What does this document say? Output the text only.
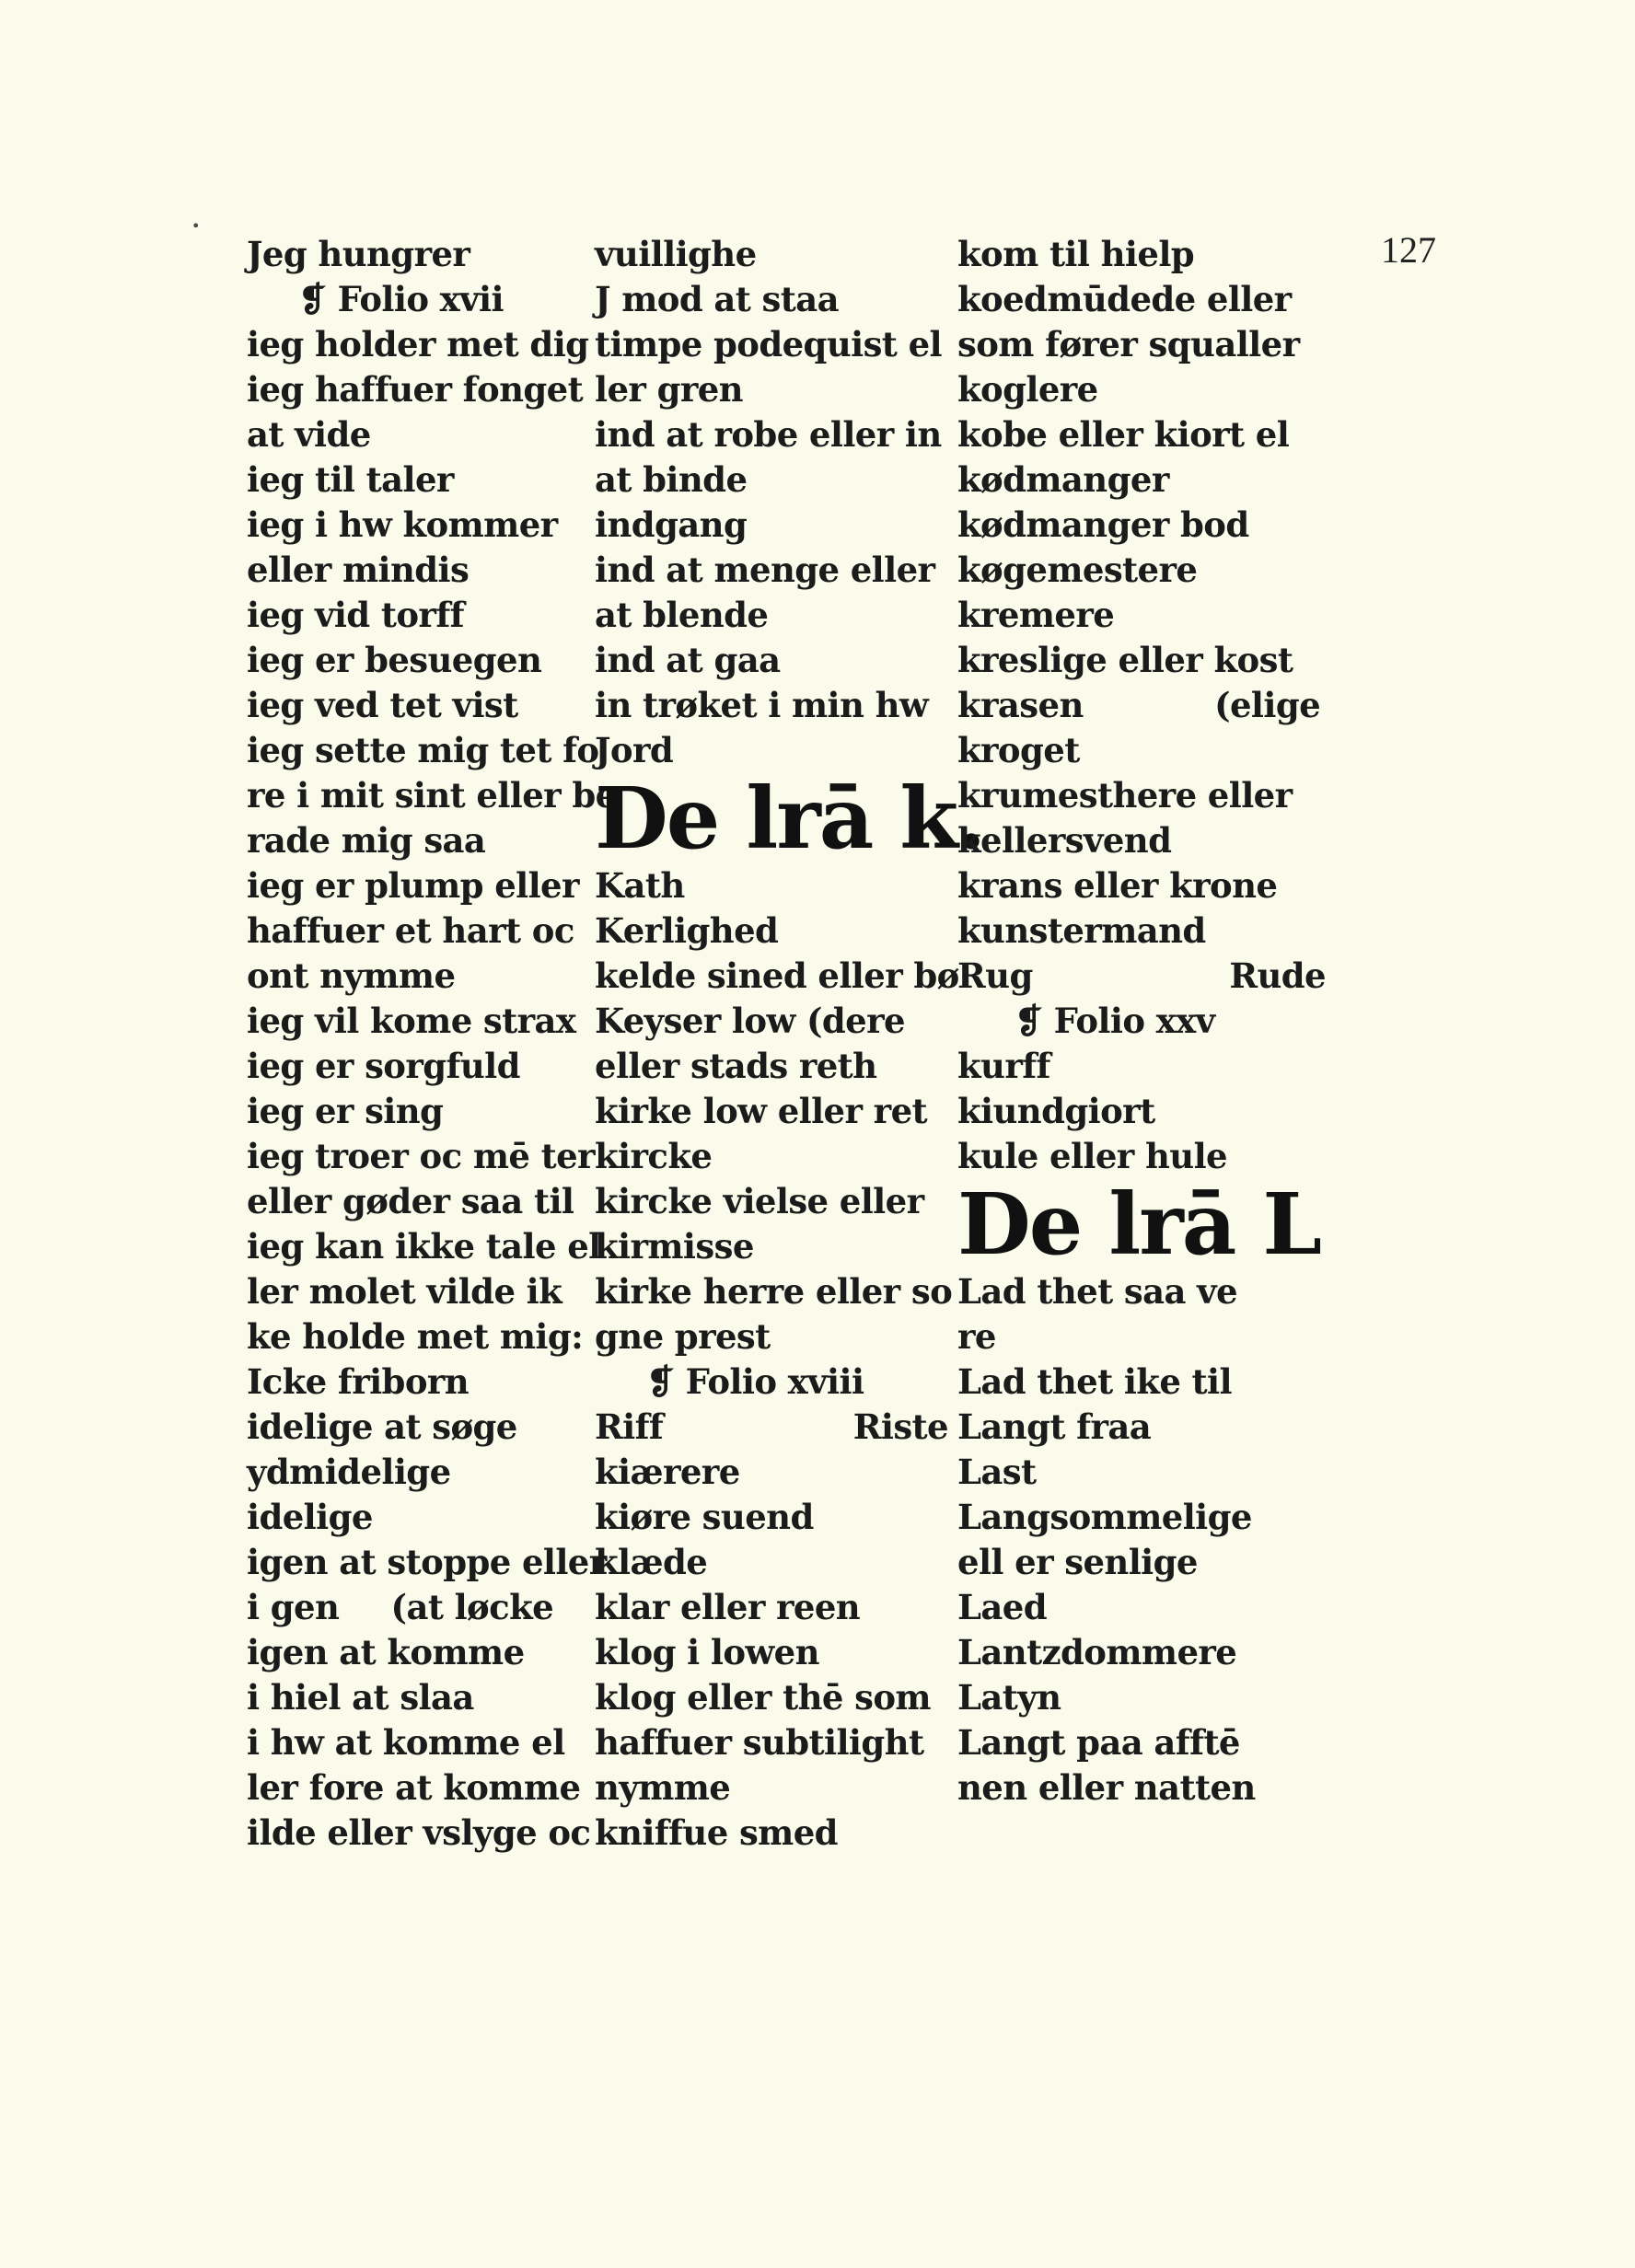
127
•
Jeg hungrer
❡ Folio xvii
ieg holder met dig
ieg haffuer fonget
at vide
ieg til taler
ieg i hw kommer
eller mindis
ieg vid torff
ieg er besuegen
ieg ved tet vist
ieg sette mig tet fo
re i mit sint eller be
rade mig saa
ieg er plump eller
haffuer et hart oc
ont nymme
ieg vil kome strax
ieg er sorgfuld
ieg er sing
ieg troer oc mē ter
eller gøder saa til
ieg kan ikke tale el
ler molet vilde ik
ke holde met mig:
Icke friborn
idelige at søge
ydmidelige
idelige
igen at stoppe eller
i gen (at løcke
igen at komme
i hiel at slaa
i hw at komme el
ler fore at komme
ilde eller vslyge oc
vuillighe
J mod at staa
timpe podequist el
ler gren
ind at robe eller in
at binde
indgang
ind at menge eller
at blende
ind at gaa
in trøket i min hw
Jord
De lrā k.
Kath
Kerlighed
kelde sined eller bø
Keyser low (dere
eller stads reth
kirke low eller ret
kircke
kircke vielse eller
kirmisse
kirke herre eller so
gne prest
❡ Folio xviii
Riff	Riste
kiærere
kiøre suend
klæde
klar eller reen
klog i lowen
klog eller thē som
haffuer subtilight
nymme
kniffue smed
kom til hielp
koedmūdede eller
som fører squaller
koglere
kobe eller kiort el
kødmanger
kødmanger bod
køgemestere
kremere
kreslige eller kost
krasen	(elige
kroget
krumesthere eller
kellersvend
krans eller krone
kunstermand
Rug	Rude
❡ Folio xxv
kurff
kiundgiort
kule eller hule
De lrā L
Lad thet saa ve
re
Lad thet ike til
Langt fraa
Last
Langsommelige
ell er senlige
Laed
Lantzdommere
Latyn
Langt paa afftē
nen eller natten
